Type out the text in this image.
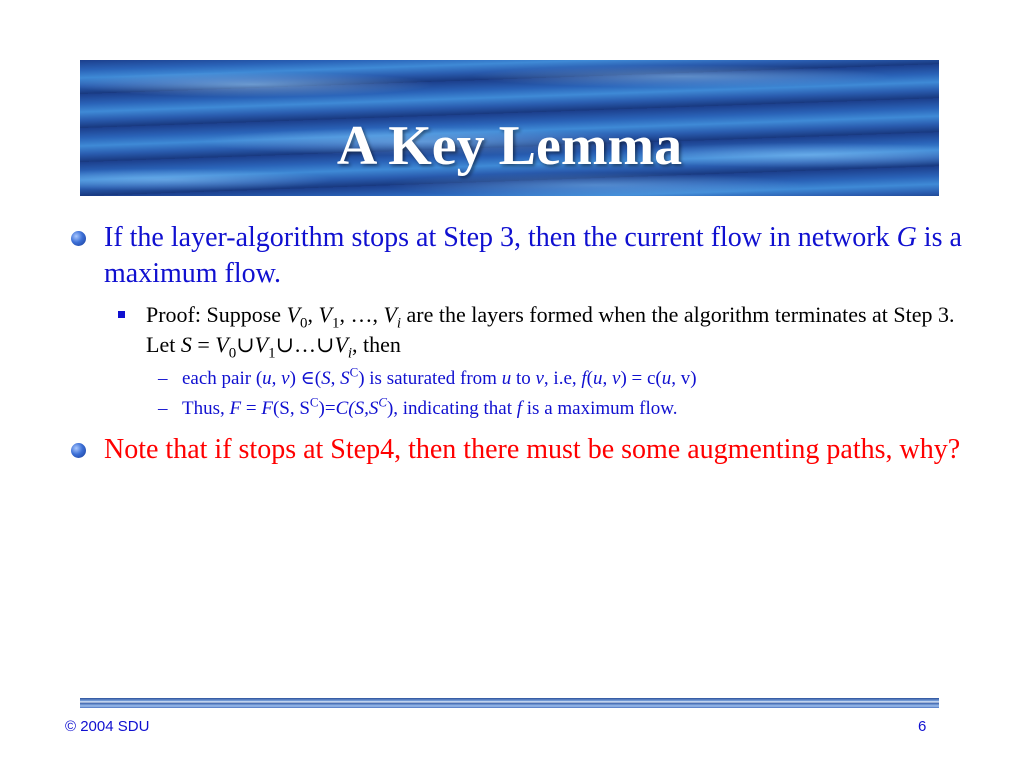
A Key Lemma
If the layer-algorithm stops at Step 3, then the current flow in network G is a maximum flow.
Proof: Suppose $V_0$, $V_1$, …, $V_i$ are the layers formed when the algorithm terminates at Step 3. Let $S = V_0\cup V_1\cup\dots\cup V_i$, then
– each pair (u, v) ∈(S, $S^C$) is saturated from u to v, i.e, f(u, v) = c(u, v)
– Thus, F = F(S, $S^C)=C(S,S^C)$, indicating that f is a maximum flow.
Note that if stops at Step4, then there must be some augmenting paths, why?
© 2004 SDU	6
